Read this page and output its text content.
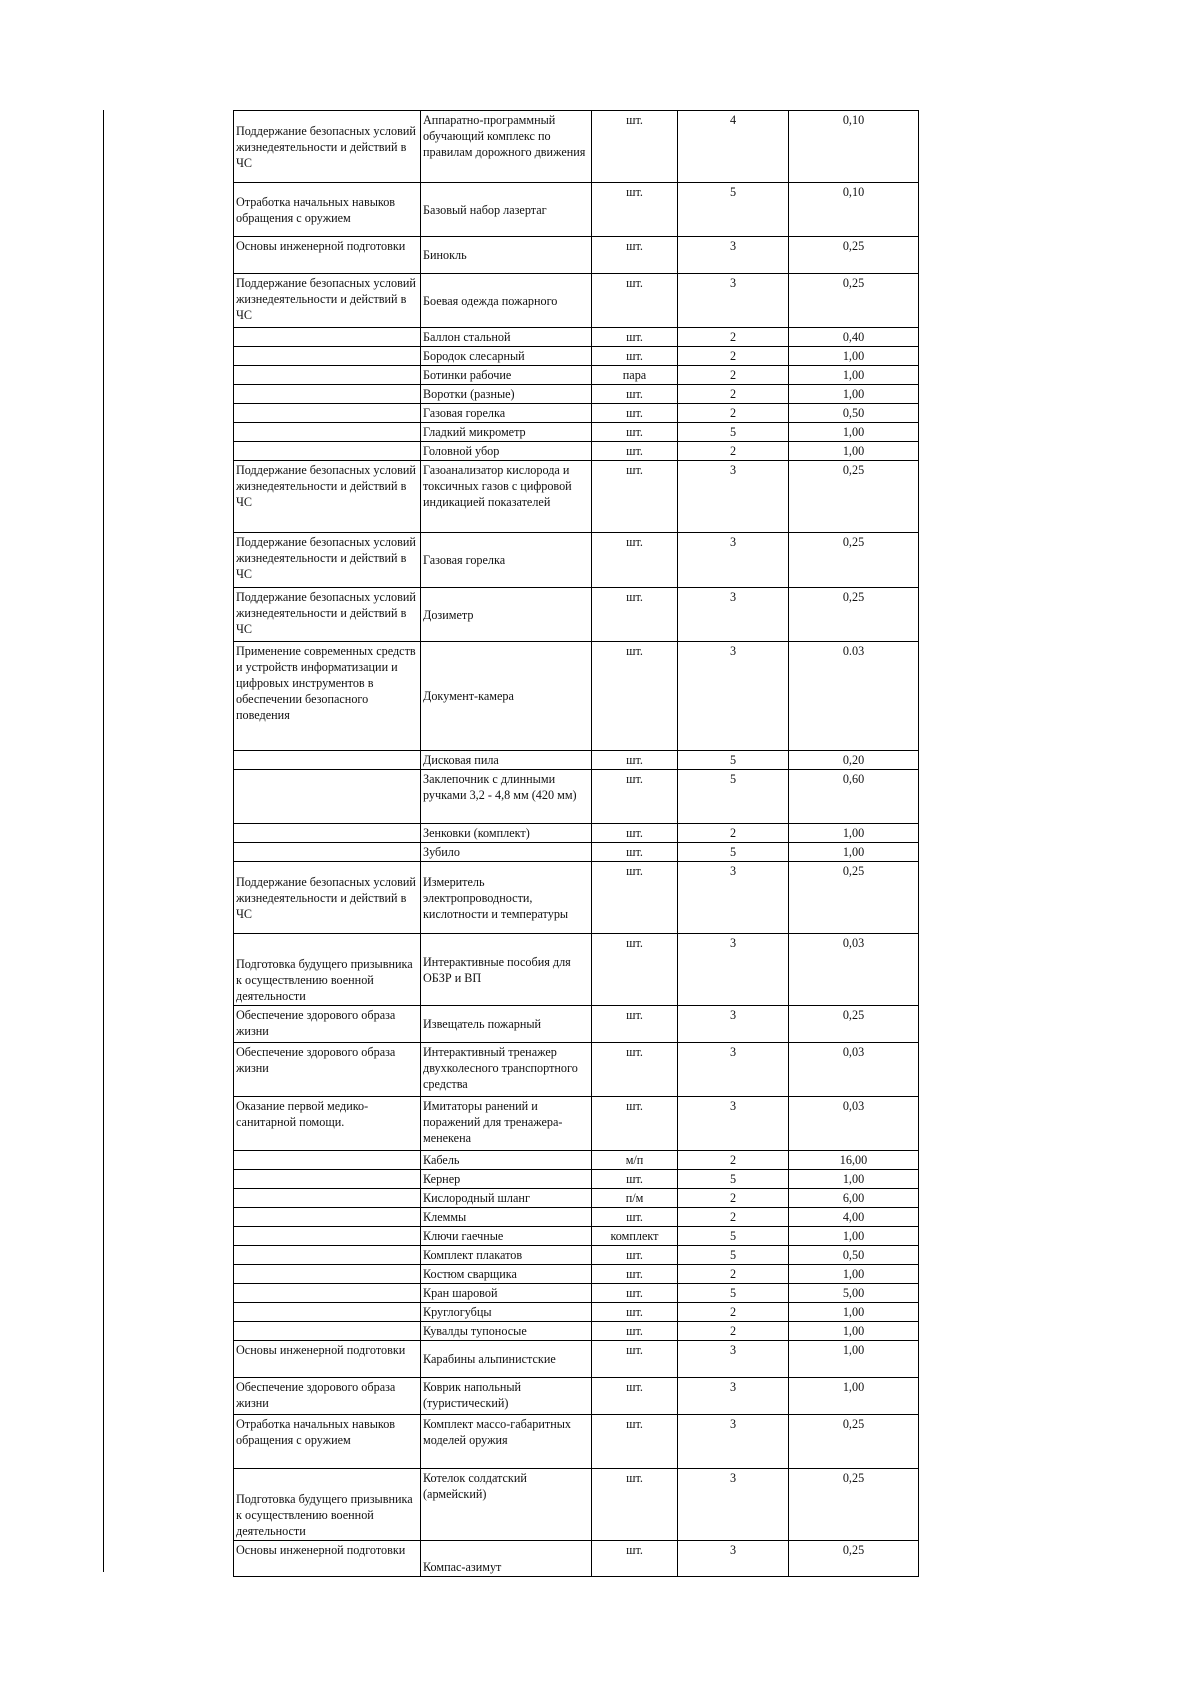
Поддержание безопасных условий жизнедеятельности и действий в ЧС	Аппаратно-программный обучающий комплекс по правилам дорожного движения	шт.	4	0,10
Отработка начальных навыков обращения с оружием	Базовый набор лазертаг	шт.	5	0,10
Основы инженерной подготовки	Бинокль	шт.	3	0,25
Поддержание безопасных условий жизнедеятельности и действий в ЧС	Боевая одежда пожарного	шт.	3	0,25
	Баллон стальной	шт.	2	0,40
	Бородок слесарный	шт.	2	1,00
	Ботинки рабочие	пара	2	1,00
	Воротки (разные)	шт.	2	1,00
	Газовая горелка	шт.	2	0,50
	Гладкий микрометр	шт.	5	1,00
	Головной убор	шт.	2	1,00
Поддержание безопасных условий жизнедеятельности и действий в ЧС	Газоанализатор кислорода и токсичных газов с цифровой индикацией показателей	шт.	3	0,25
Поддержание безопасных условий жизнедеятельности и действий в ЧС	Газовая горелка	шт.	3	0,25
Поддержание безопасных условий жизнедеятельности и действий в ЧС	Дозиметр	шт.	3	0,25
Применение современных средств и устройств информатизации и цифровых инструментов в обеспечении безопасного поведения	Документ-камера	шт.	3	0.03
	Дисковая пила	шт.	5	0,20
	Заклепочник с длинными ручками 3,2 - 4,8 мм (420 мм)	шт.	5	0,60
	Зенковки (комплект)	шт.	2	1,00
	Зубило	шт.	5	1,00
Поддержание безопасных условий жизнедеятельности и действий в ЧС	Измеритель электропроводности, кислотности и температуры	шт.	3	0,25
Подготовка будущего призывника к осуществлению военной деятельности	Интерактивные пособия для ОБЗР и ВП	шт.	3	0,03
Обеспечение здорового образа жизни	Извещатель пожарный	шт.	3	0,25
Обеспечение здорового образа жизни	Интерактивный тренажер двухколесного транспортного средства	шт.	3	0,03
Оказание первой медико-санитарной помощи.	Имитаторы ранений и поражений для тренажера-менекена	шт.	3	0,03
	Кабель	м/п	2	16,00
	Кернер	шт.	5	1,00
	Кислородный шланг	п/м	2	6,00
	Клеммы	шт.	2	4,00
	Ключи гаечные	комплект	5	1,00
	Комплект плакатов	шт.	5	0,50
	Костюм сварщика	шт.	2	1,00
	Кран шаровой	шт.	5	5,00
	Круглогубцы	шт.	2	1,00
	Кувалды тупоносые	шт.	2	1,00
Основы инженерной подготовки	Карабины альпинистские	шт.	3	1,00
Обеспечение здорового образа жизни	Коврик напольный (туристический)	шт.	3	1,00
Отработка начальных навыков обращения с оружием	Комплект массо-габаритных моделей оружия	шт.	3	0,25
Подготовка будущего призывника к осуществлению военной деятельности	Котелок солдатский (армейский)	шт.	3	0,25
Основы инженерной подготовки	Компас-азимут	шт.	3	0,25
